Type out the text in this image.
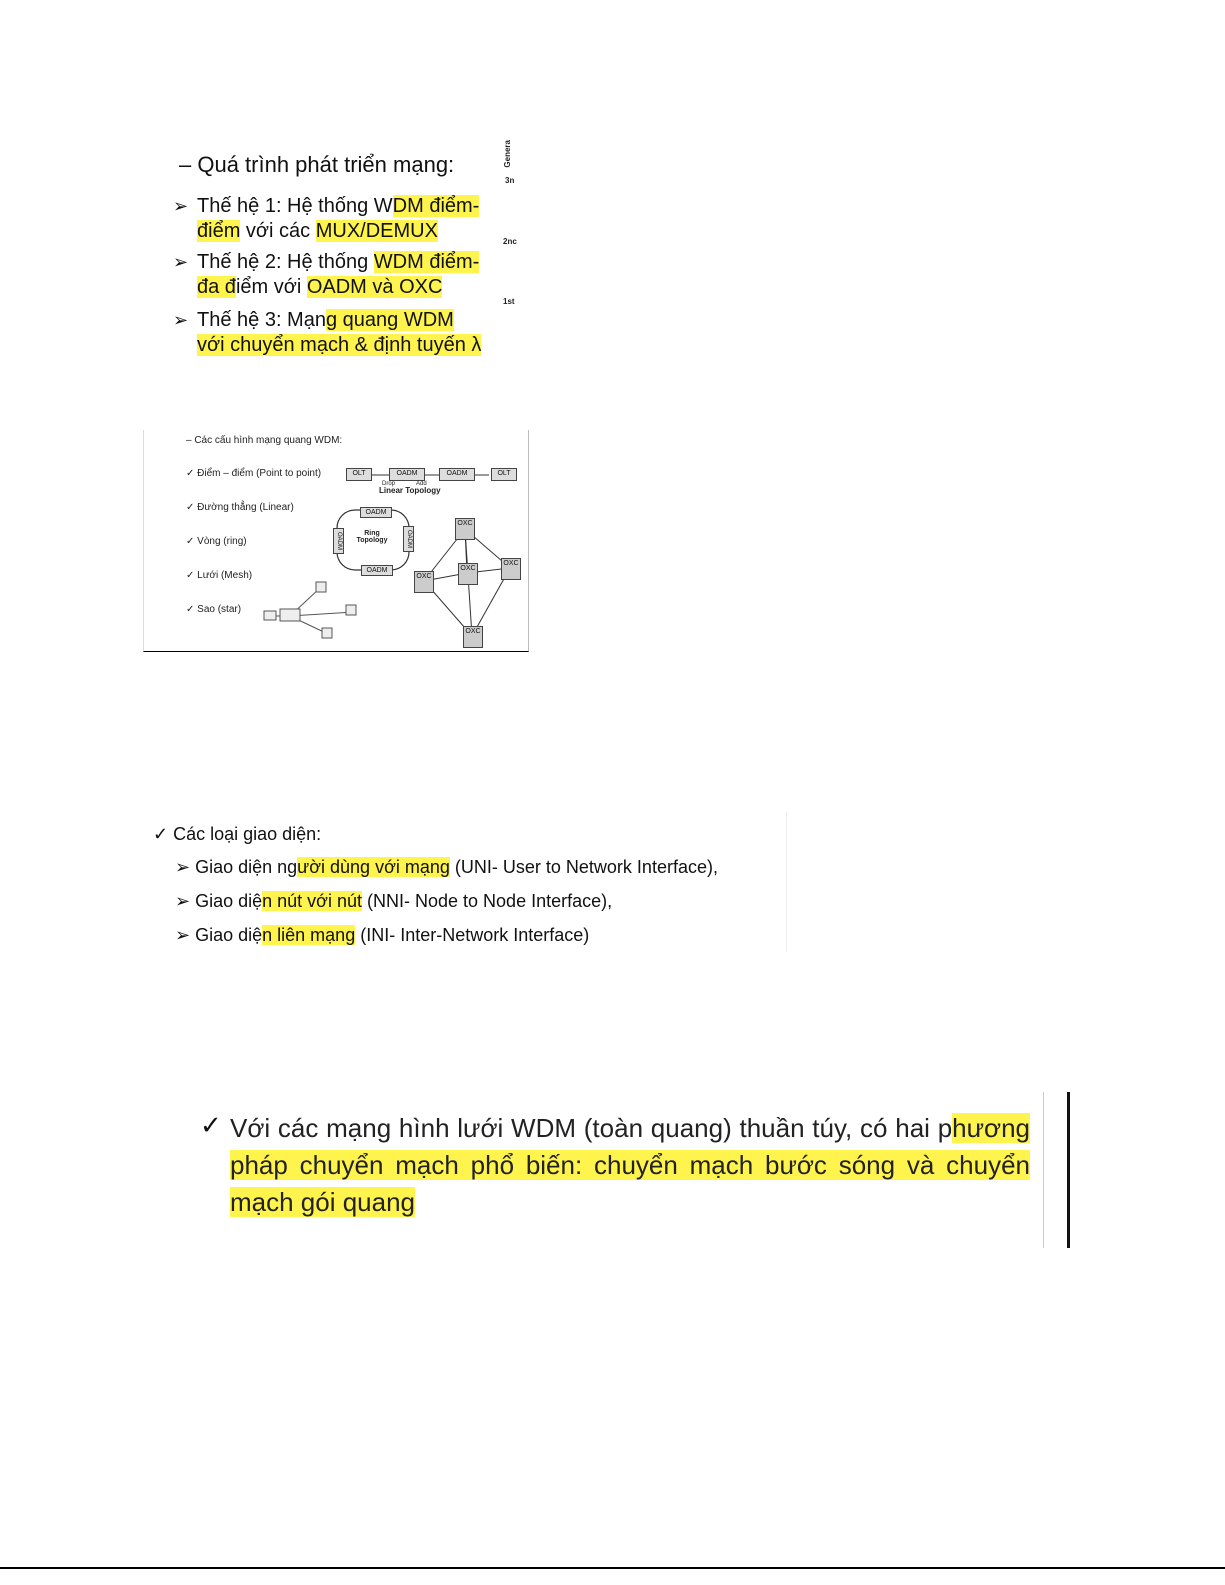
– Quá trình phát triển mạng:
➢ Thế hệ 1: Hệ thống WDM điểm-
điểm với các MUX/DEMUX
➢ Thế hệ 2: Hệ thống WDM điểm-
đa điểm với OADM và OXC
➢ Thế hệ 3: Mạng quang WDM
với chuyển mạch & định tuyến λ
Genera
3n
2nc
1st
– Các cấu hình mạng quang WDM:
✓ Điểm – điểm (Point to point)
✓ Đường thẳng (Linear)
✓ Vòng (ring)
✓ Lưới (Mesh)
✓ Sao (star)
OLT	OADM	OADM	OLT
Drop	Add
Linear Topology
OADM
OADM	OADM
OADM
Ring Topology
OXC
OXC
OXC
OXC
OXC
✓ Các loại giao diện:
➢ Giao diện người dùng với mạng (UNI- User to Network Interface),
➢ Giao diện nút với nút (NNI- Node to Node Interface),
➢ Giao diện liên mạng (INI- Inter-Network Interface)
✓ Với các mạng hình lưới WDM (toàn quang) thuần túy, có hai phương pháp chuyển mạch phổ biến: chuyển mạch bước sóng và chuyển mạch gói quang
